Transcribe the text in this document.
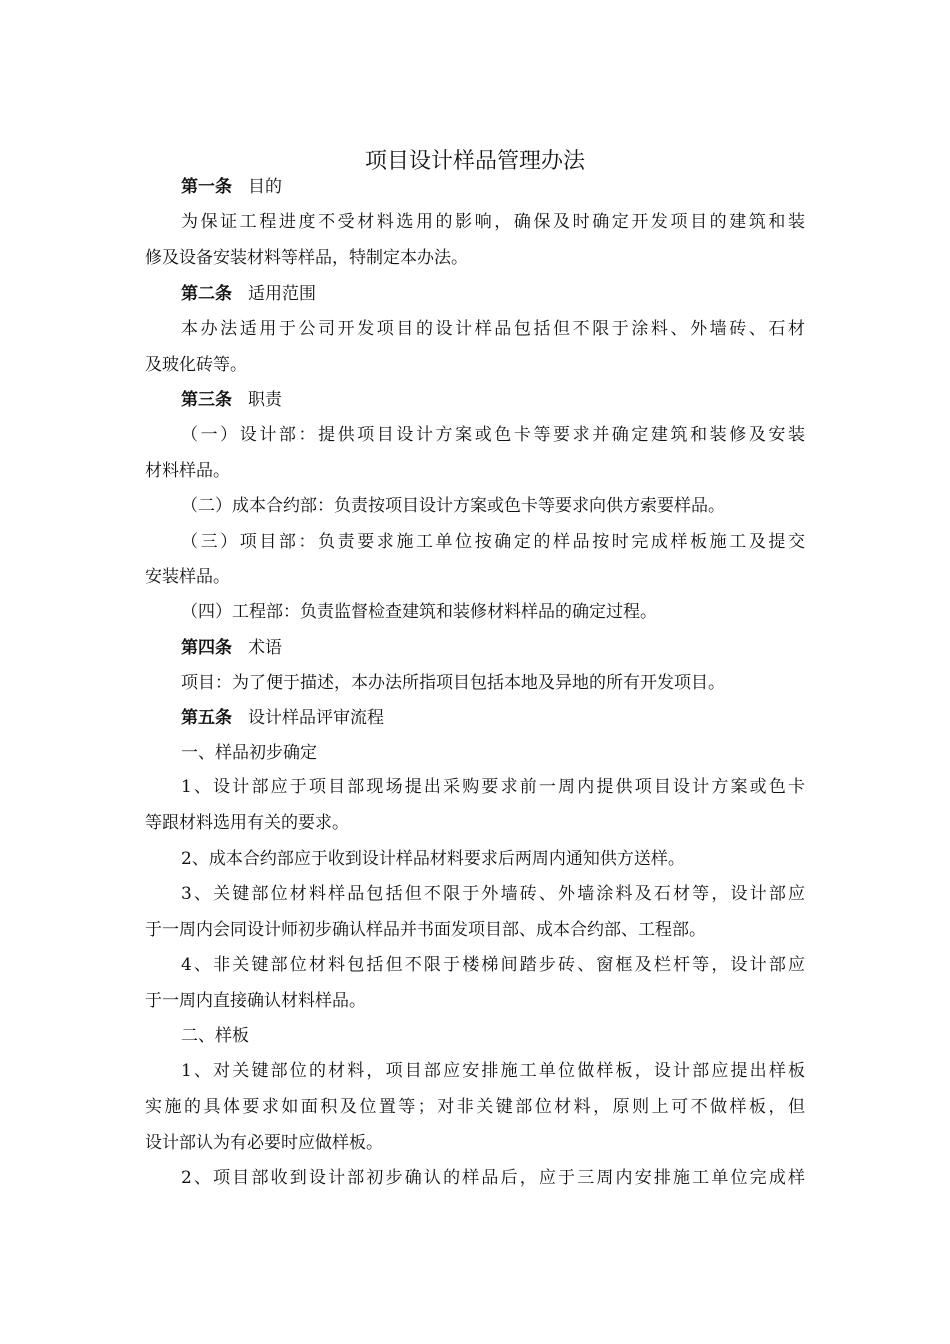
项目设计样品管理办法
第一条 目的
为保证工程进度不受材料选用的影响，确保及时确定开发项目的建筑和装
修及设备安装材料等样品，特制定本办法。
第二条 适用范围
本办法适用于公司开发项目的设计样品包括但不限于涂料、外墙砖、石材
及玻化砖等。
第三条 职责
（一）设计部：提供项目设计方案或色卡等要求并确定建筑和装修及安装
材料样品。
（二）成本合约部：负责按项目设计方案或色卡等要求向供方索要样品。
（三）项目部：负责要求施工单位按确定的样品按时完成样板施工及提交
安装样品。
（四）工程部：负责监督检查建筑和装修材料样品的确定过程。
第四条 术语
项目：为了便于描述，本办法所指项目包括本地及异地的所有开发项目。
第五条 设计样品评审流程
一、样品初步确定
1、设计部应于项目部现场提出采购要求前一周内提供项目设计方案或色卡
等跟材料选用有关的要求。
2、成本合约部应于收到设计样品材料要求后两周内通知供方送样。
3、关键部位材料样品包括但不限于外墙砖、外墙涂料及石材等，设计部应
于一周内会同设计师初步确认样品并书面发项目部、成本合约部、工程部。
4、非关键部位材料包括但不限于楼梯间踏步砖、窗框及栏杆等，设计部应
于一周内直接确认材料样品。
二、样板
1、对关键部位的材料，项目部应安排施工单位做样板，设计部应提出样板
实施的具体要求如面积及位置等；对非关键部位材料，原则上可不做样板，但
设计部认为有必要时应做样板。
2、项目部收到设计部初步确认的样品后，应于三周内安排施工单位完成样
